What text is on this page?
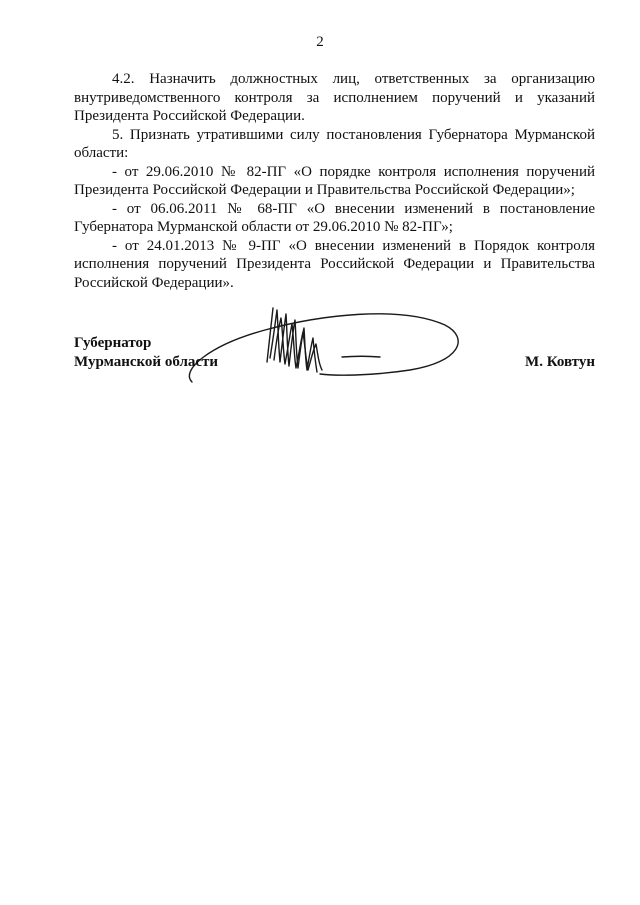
2

4.2. Назначить должностных лиц, ответственных за организацию внутриведомственного контроля за исполнением поручений и указаний Президента Российской Федерации.

5. Признать утратившими силу постановления Губернатора Мурманской области:

- от 29.06.2010 № 82-ПГ «О порядке контроля исполнения поручений Президента Российской Федерации и Правительства Российской Федерации»;

- от 06.06.2011 № 68-ПГ «О внесении изменений в постановление Губернатора Мурманской области от 29.06.2010 № 82-ПГ»;

- от 24.01.2013 № 9-ПГ «О внесении изменений в Порядок контроля исполнения поручений Президента Российской Федерации и Правительства Российской Федерации».

Губернатор
Мурманской области	М. Ковтун
